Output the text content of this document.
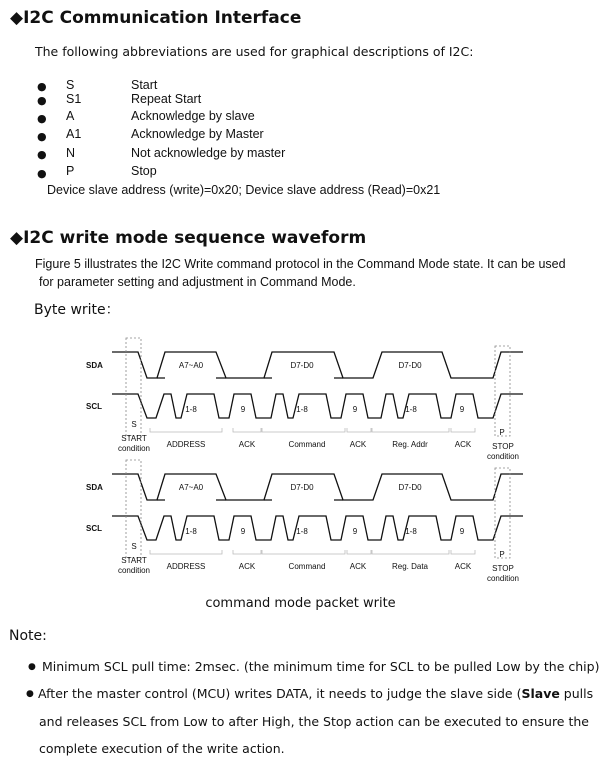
◆I2C Communication Interface
The following abbreviations are used for graphical descriptions of I2C:
● S	Start
● S1	Repeat Start
● A	Acknowledge by slave
● A1	Acknowledge by Master
● N	Not acknowledge by master
● P	Stop
Device slave address (write)=0x20; Device slave address (Read)=0x21
◆I2C write mode sequence waveform
Figure 5 illustrates the I2C Write command protocol in the Command Mode state. It can be used
for parameter setting and adjustment in Command Mode.
Byte write：
SDA
SCL
A7~A0	D7-D0	D7-D0
1-8	9	1-8	9	1-8	9
S
P
START
condition	STOP
condition
ADDRESS	ACK	Command	ACK	Reg. Addr	ACK
SDA
SCL
A7~A0	D7-D0	D7-D0
1-8	9	1-8	9	1-8	9
S
P
START
condition	STOP
condition
ADDRESS	ACK	Command	ACK	Reg. Data	ACK
command mode packet write
Note:
● Minimum SCL pull time: 2msec. (the minimum time for SCL to be pulled Low by the chip)
● After the master control (MCU) writes DATA, it needs to judge the slave side (Slave pulls
and releases SCL from Low to after High, the Stop action can be executed to ensure the
complete execution of the write action.
